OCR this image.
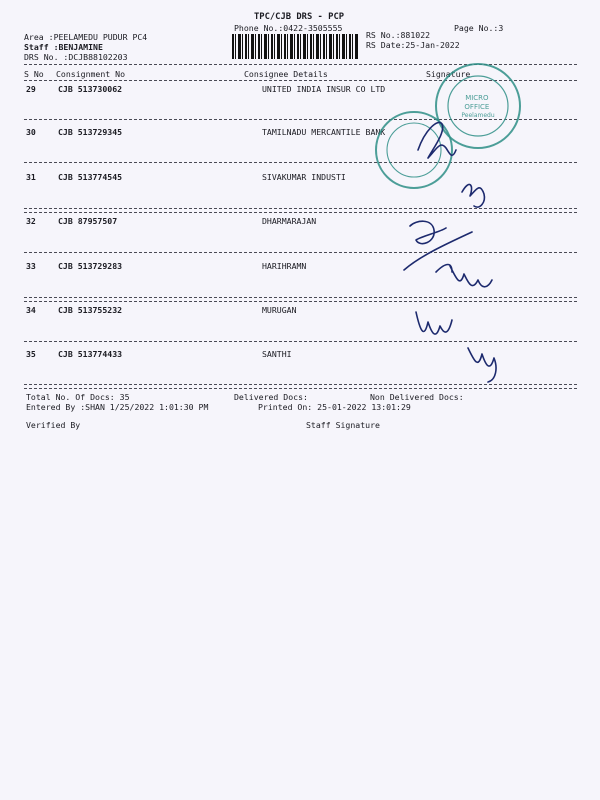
TPC/CJB DRS - PCP
Phone No.:0422-3505555
Area :PEELAMEDU PUDUR PC4
Staff :BENJAMINE
DRS No. :DCJB88102203
RS No.:881022
RS Date:25-Jan-2022
Page No.:3
S No Consignment No	Consignee Details	Signature
29	CJB 513730062	UNITED INDIA INSUR CO LTD
30	CJB 513729345	TAMILNADU MERCANTILE BANK
31	CJB 513774545	SIVAKUMAR INDUSTI
32	CJB 87957507	DHARMARAJAN
33	CJB 513729283	HARIHRAMN
34	CJB 513755232	MURUGAN
35	CJB 513774433	SANTHI
Total No. Of Docs: 35	Delivered Docs:	Non Delivered Docs:
Entered By :SHAN 1/25/2022 1:01:30 PM	Printed On: 25-01-2022 13:01:29
Verified By	Staff Signature
MICRO OFFICE Peelamedu
